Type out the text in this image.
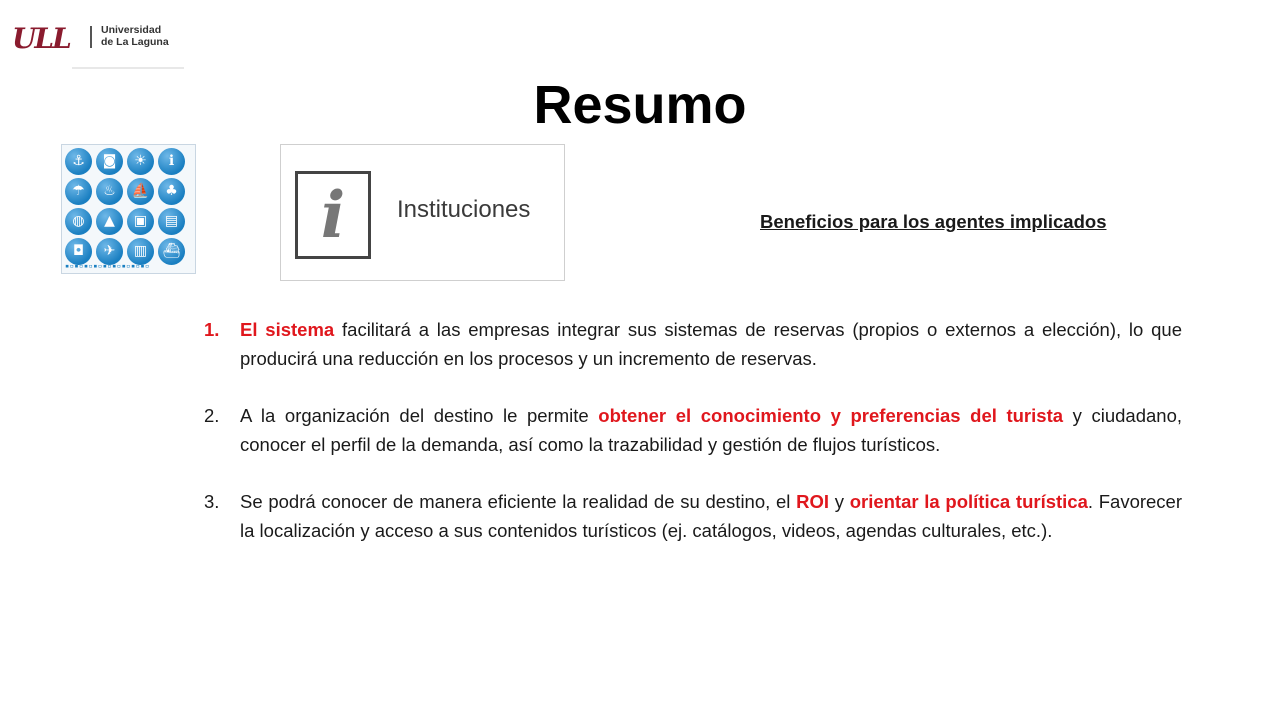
ULL	Universidad
de La Laguna
Resumo
⚓	◙	☀	ℹ
☂	♨	⛵	♣
◍	▲	▣	▤
◘	✈	▥	⛴
▪▫▪▫▪▫▪▫▪▫▪▫▪▫▪▫▪▫
i	Instituciones	Beneficios para los agentes implicados
1.	El sistema facilitará a las empresas integrar sus sistemas de reservas (propios o externos a elección), lo que producirá una reducción en los procesos y un incremento de reservas.
2.	A la organización del destino le permite obtener el conocimiento y preferencias del turista y ciudadano, conocer el perfil de la demanda, así como la trazabilidad y gestión de flujos turísticos.
3.	Se podrá conocer de manera eficiente la realidad de su destino, el ROI y orientar la política turística. Favorecer la localización y acceso a sus contenidos turísticos (ej. catálogos, videos, agendas culturales, etc.).
